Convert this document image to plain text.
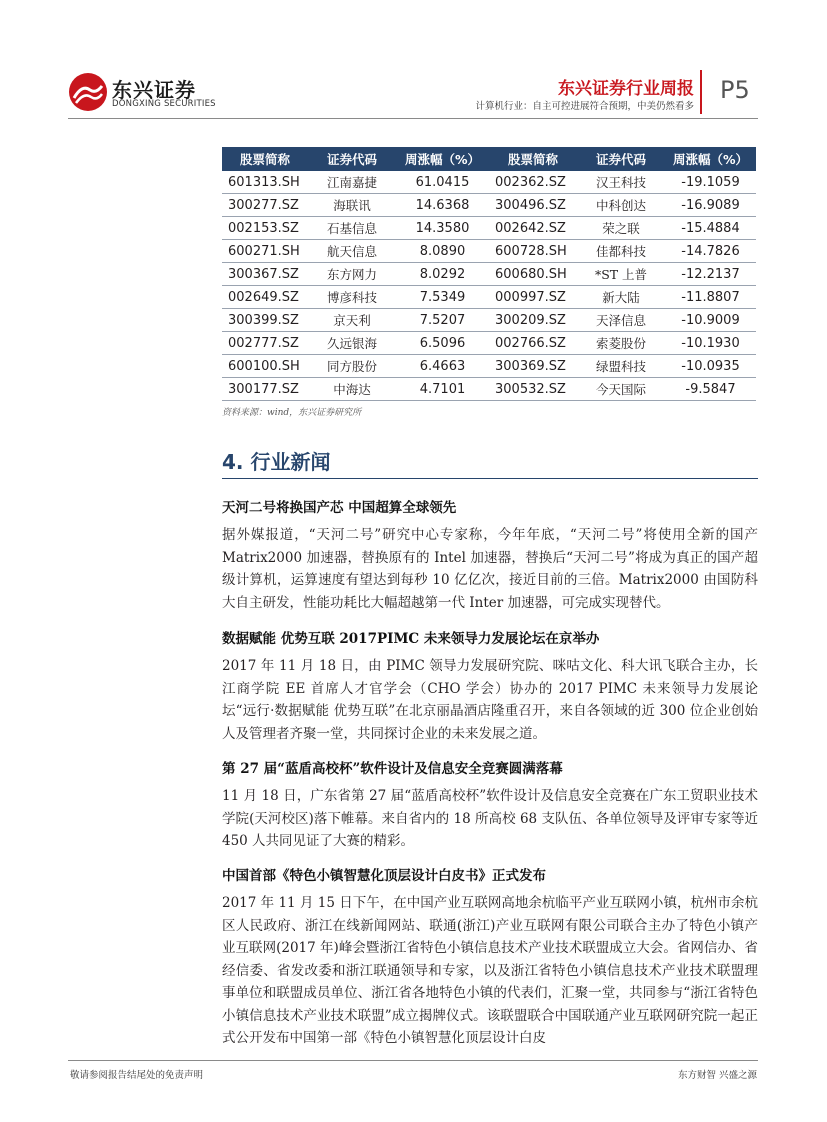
东兴证券
DONGXING SECURITIES
东兴证券行业周报
计算机行业：自主可控进展符合预期，中美仍然看多
P5
股票简称	证券代码	周涨幅（%）	股票简称	证券代码	周涨幅（%）
601313.SH	江南嘉捷	61.0415	002362.SZ	汉王科技	-19.1059
300277.SZ	海联讯	14.6368	300496.SZ	中科创达	-16.9089
002153.SZ	石基信息	14.3580	002642.SZ	荣之联	-15.4884
600271.SH	航天信息	8.0890	600728.SH	佳都科技	-14.7826
300367.SZ	东方网力	8.0292	600680.SH	*ST 上普	-12.2137
002649.SZ	博彦科技	7.5349	000997.SZ	新大陆	-11.8807
300399.SZ	京天利	7.5207	300209.SZ	天泽信息	-10.9009
002777.SZ	久远银海	6.5096	002766.SZ	索菱股份	-10.1930
600100.SH	同方股份	6.4663	300369.SZ	绿盟科技	-10.0935
300177.SZ	中海达	4.7101	300532.SZ	今天国际	-9.5847
资料来源：wind，东兴证券研究所
4. 行业新闻
天河二号将换国产芯 中国超算全球领先
据外媒报道，“天河二号”研究中心专家称，今年年底，“天河二号”将使用全新的国产 Matrix2000 加速器，替换原有的 Intel 加速器，替换后“天河二号”将成为真正的国产超级计算机，运算速度有望达到每秒 10 亿亿次，接近目前的三倍。Matrix2000 由国防科大自主研发，性能功耗比大幅超越第一代 Inter 加速器，可完成实现替代。
数据赋能 优势互联 2017PIMC 未来领导力发展论坛在京举办
2017 年 11 月 18 日，由 PIMC 领导力发展研究院、咪咕文化、科大讯飞联合主办，长江商学院 EE 首席人才官学会（CHO 学会）协办的 2017 PIMC 未来领导力发展论坛“远行·数据赋能 优势互联”在北京丽晶酒店隆重召开，来自各领域的近 300 位企业创始人及管理者齐聚一堂，共同探讨企业的未来发展之道。
第 27 届“蓝盾高校杯”软件设计及信息安全竞赛圆满落幕
11 月 18 日，广东省第 27 届“蓝盾高校杯”软件设计及信息安全竞赛在广东工贸职业技术学院(天河校区)落下帷幕。来自省内的 18 所高校 68 支队伍、各单位领导及评审专家等近 450 人共同见证了大赛的精彩。
中国首部《特色小镇智慧化顶层设计白皮书》正式发布
2017 年 11 月 15 日下午，在中国产业互联网高地余杭临平产业互联网小镇，杭州市余杭区人民政府、浙江在线新闻网站、联通(浙江)产业互联网有限公司联合主办了特色小镇产业互联网(2017 年)峰会暨浙江省特色小镇信息技术产业技术联盟成立大会。省网信办、省经信委、省发改委和浙江联通领导和专家，以及浙江省特色小镇信息技术产业技术联盟理事单位和联盟成员单位、浙江省各地特色小镇的代表们，汇聚一堂，共同参与“浙江省特色小镇信息技术产业技术联盟”成立揭牌仪式。该联盟联合中国联通产业互联网研究院一起正式公开发布中国第一部《特色小镇智慧化顶层设计白皮
敬请参阅报告结尾处的免责声明	东方财智 兴盛之源
